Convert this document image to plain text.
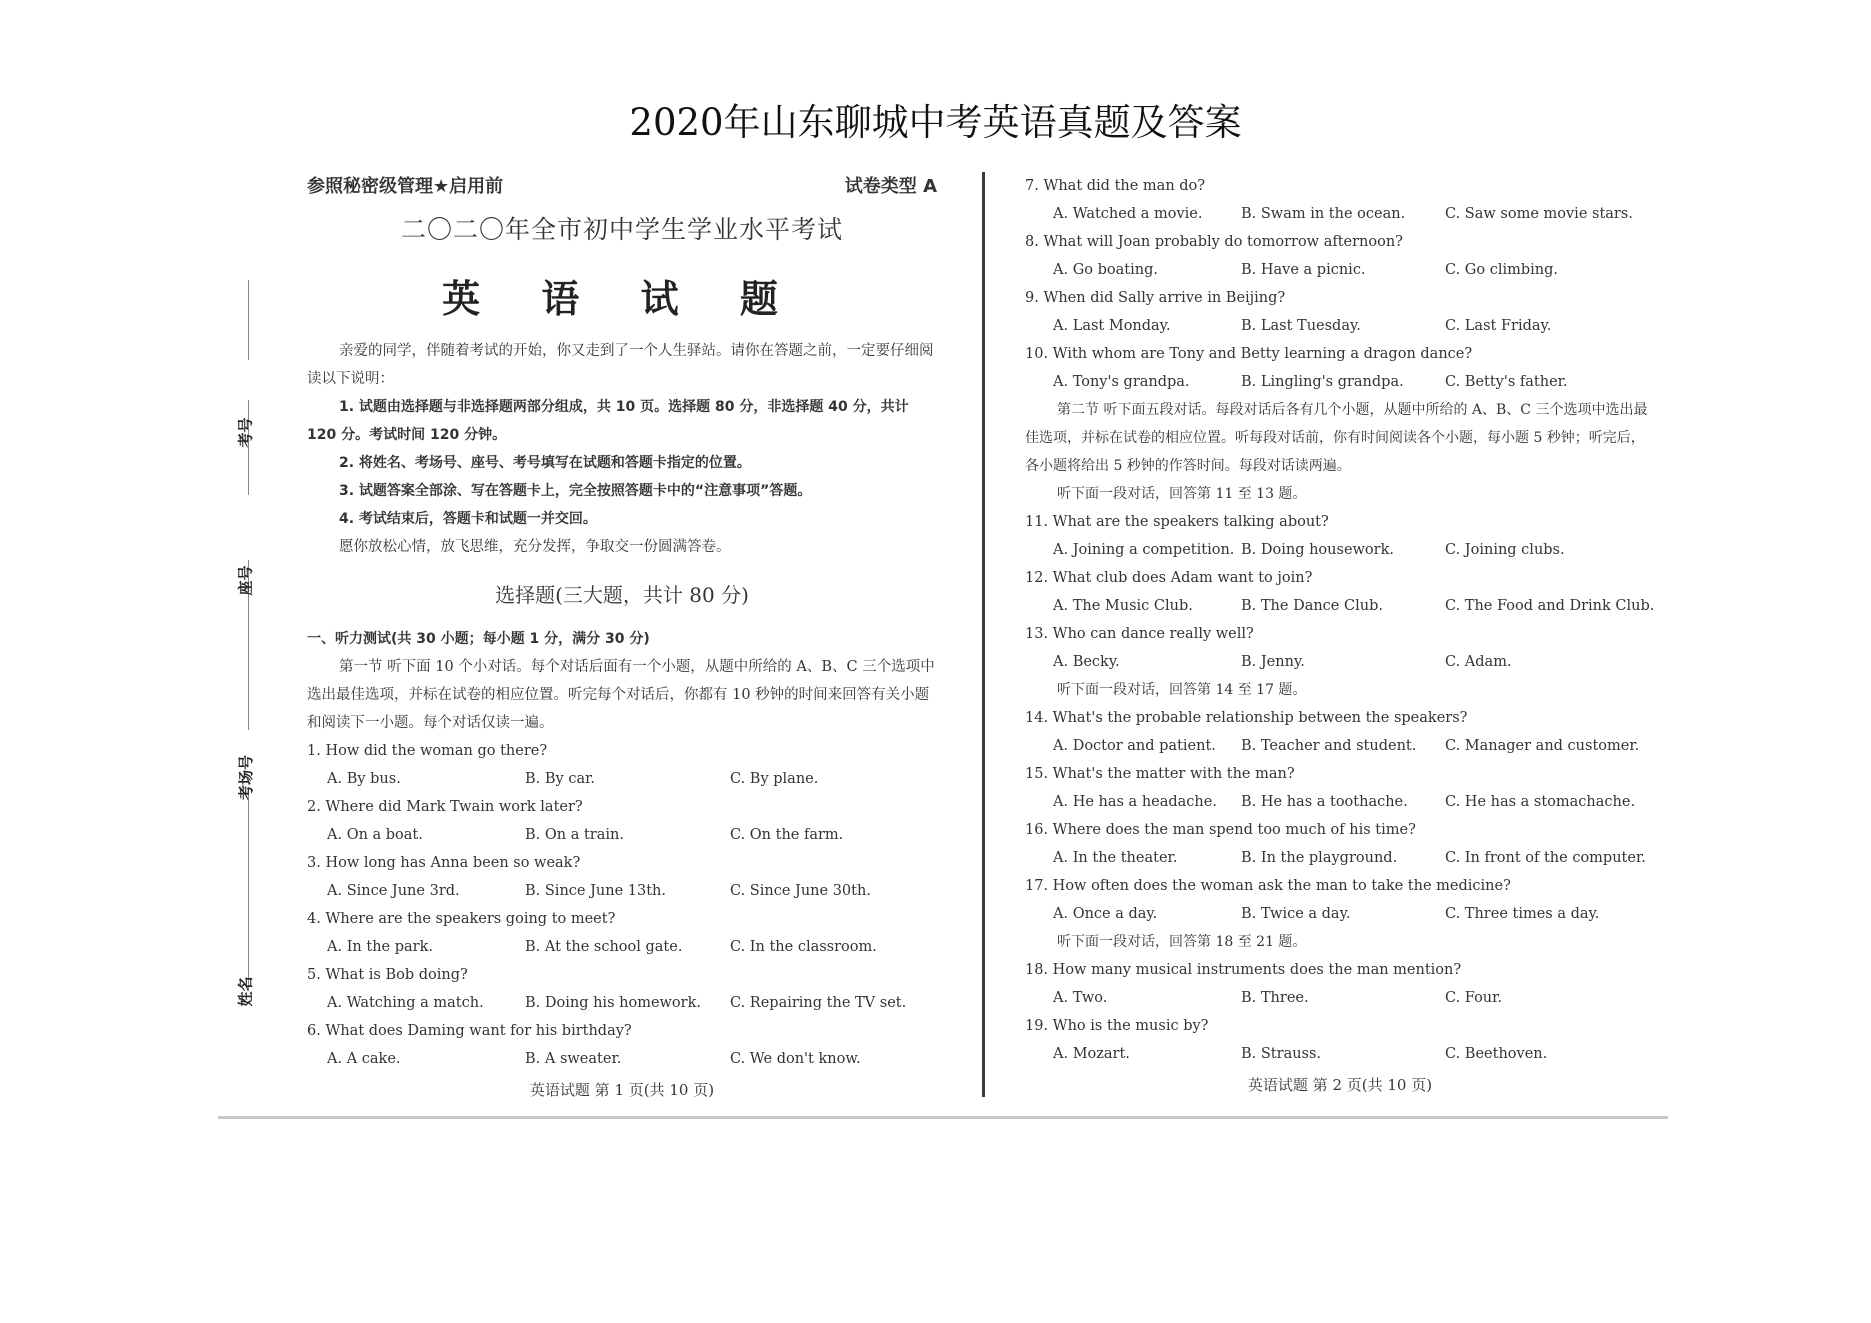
2020年山东聊城中考英语真题及答案
考号
座号
考场号
姓名
参照秘密级管理★启用前	试卷类型 A
二〇二〇年全市初中学生学业水平考试
英 语 试 题
亲爱的同学，伴随着考试的开始，你又走到了一个人生驿站。请你在答题之前，一定要仔细阅读以下说明：
1. 试题由选择题与非选择题两部分组成，共 10 页。选择题 80 分，非选择题 40 分，共计 120 分。考试时间 120 分钟。
2. 将姓名、考场号、座号、考号填写在试题和答题卡指定的位置。
3. 试题答案全部涂、写在答题卡上，完全按照答题卡中的“注意事项”答题。
4. 考试结束后，答题卡和试题一并交回。
愿你放松心情，放飞思维，充分发挥，争取交一份圆满答卷。
选择题(三大题，共计 80 分)
一、听力测试(共 30 小题；每小题 1 分，满分 30 分)
第一节 听下面 10 个小对话。每个对话后面有一个小题，从题中所给的 A、B、C 三个选项中选出最佳选项，并标在试卷的相应位置。听完每个对话后，你都有 10 秒钟的时间来回答有关小题和阅读下一小题。每个对话仅读一遍。
1. How did the woman go there?
A. By bus.	B. By car.	C. By plane.
2. Where did Mark Twain work later?
A. On a boat.	B. On a train.	C. On the farm.
3. How long has Anna been so weak?
A. Since June 3rd.	B. Since June 13th.	C. Since June 30th.
4. Where are the speakers going to meet?
A. In the park.	B. At the school gate.	C. In the classroom.
5. What is Bob doing?
A. Watching a match.	B. Doing his homework.	C. Repairing the TV set.
6. What does Daming want for his birthday?
A. A cake.	B. A sweater.	C. We don't know.
英语试题 第 1 页(共 10 页)
7. What did the man do?
A. Watched a movie.	B. Swam in the ocean.	C. Saw some movie stars.
8. What will Joan probably do tomorrow afternoon?
A. Go boating.	B. Have a picnic.	C. Go climbing.
9. When did Sally arrive in Beijing?
A. Last Monday.	B. Last Tuesday.	C. Last Friday.
10. With whom are Tony and Betty learning a dragon dance?
A. Tony's grandpa.	B. Lingling's grandpa.	C. Betty's father.
第二节 听下面五段对话。每段对话后各有几个小题，从题中所给的 A、B、C 三个选项中选出最佳选项，并标在试卷的相应位置。听每段对话前，你有时间阅读各个小题，每小题 5 秒钟；听完后，各小题将给出 5 秒钟的作答时间。每段对话读两遍。
听下面一段对话，回答第 11 至 13 题。
11. What are the speakers talking about?
A. Joining a competition. B. Doing housework.	C. Joining clubs.
12. What club does Adam want to join?
A. The Music Club.	B. The Dance Club.	C. The Food and Drink Club.
13. Who can dance really well?
A. Becky.	B. Jenny.	C. Adam.
听下面一段对话，回答第 14 至 17 题。
14. What's the probable relationship between the speakers?
A. Doctor and patient.	B. Teacher and student.	C. Manager and customer.
15. What's the matter with the man?
A. He has a headache.	B. He has a toothache.	C. He has a stomachache.
16. Where does the man spend too much of his time?
A. In the theater.	B. In the playground.	C. In front of the computer.
17. How often does the woman ask the man to take the medicine?
A. Once a day.	B. Twice a day.	C. Three times a day.
听下面一段对话，回答第 18 至 21 题。
18. How many musical instruments does the man mention?
A. Two.	B. Three.	C. Four.
19. Who is the music by?
A. Mozart.	B. Strauss.	C. Beethoven.
英语试题 第 2 页(共 10 页)
